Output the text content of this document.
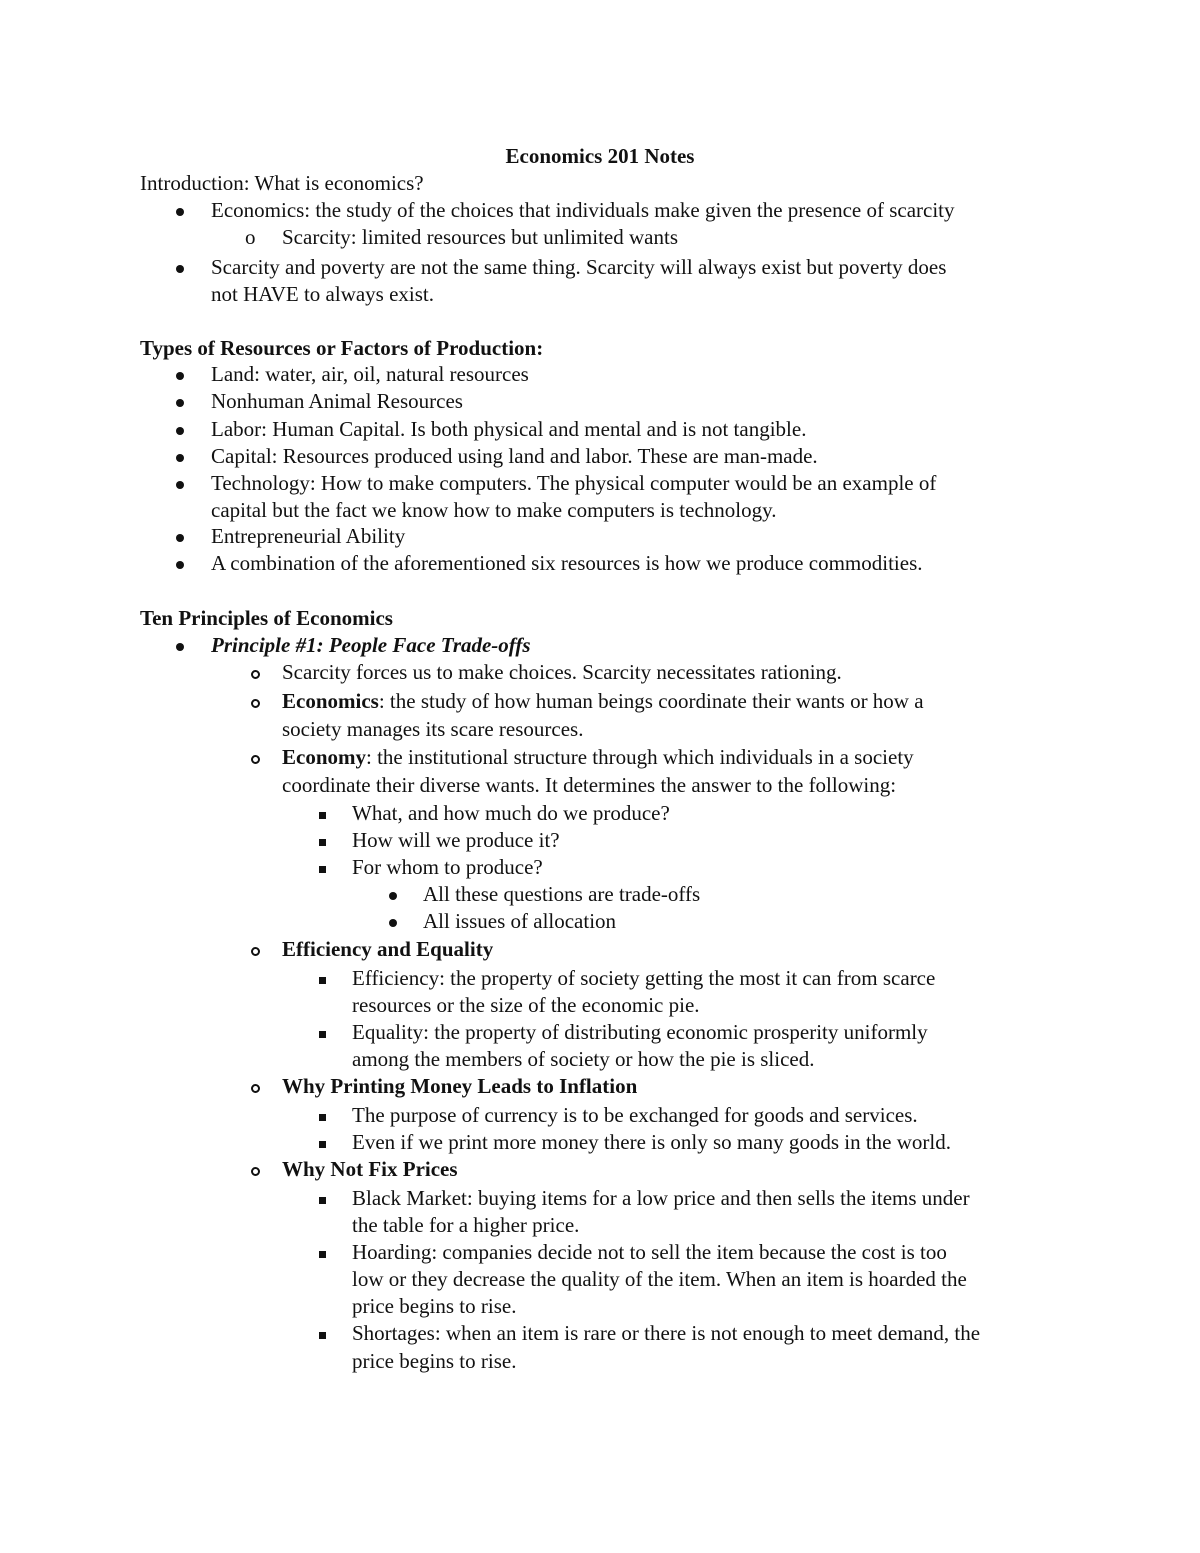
Economics 201 Notes
Introduction: What is economics?
Economics: the study of the choices that individuals make given the presence of scarcity
o Scarcity: limited resources but unlimited wants
Scarcity and poverty are not the same thing. Scarcity will always exist but poverty does
not HAVE to always exist.
Types of Resources or Factors of Production:
Land: water, air, oil, natural resources
Nonhuman Animal Resources
Labor: Human Capital. Is both physical and mental and is not tangible.
Capital: Resources produced using land and labor. These are man-made.
Technology: How to make computers. The physical computer would be an example of
capital but the fact we know how to make computers is technology.
Entrepreneurial Ability
A combination of the aforementioned six resources is how we produce commodities.
Ten Principles of Economics
Principle #1: People Face Trade-offs
Scarcity forces us to make choices. Scarcity necessitates rationing.
Economics: the study of how human beings coordinate their wants or how a
society manages its scare resources.
Economy: the institutional structure through which individuals in a society
coordinate their diverse wants. It determines the answer to the following:
What, and how much do we produce?
How will we produce it?
For whom to produce?
All these questions are trade-offs
All issues of allocation
Efficiency and Equality
Efficiency: the property of society getting the most it can from scarce
resources or the size of the economic pie.
Equality: the property of distributing economic prosperity uniformly
among the members of society or how the pie is sliced.
Why Printing Money Leads to Inflation
The purpose of currency is to be exchanged for goods and services.
Even if we print more money there is only so many goods in the world.
Why Not Fix Prices
Black Market: buying items for a low price and then sells the items under
the table for a higher price.
Hoarding: companies decide not to sell the item because the cost is too
low or they decrease the quality of the item. When an item is hoarded the
price begins to rise.
Shortages: when an item is rare or there is not enough to meet demand, the
price begins to rise.
